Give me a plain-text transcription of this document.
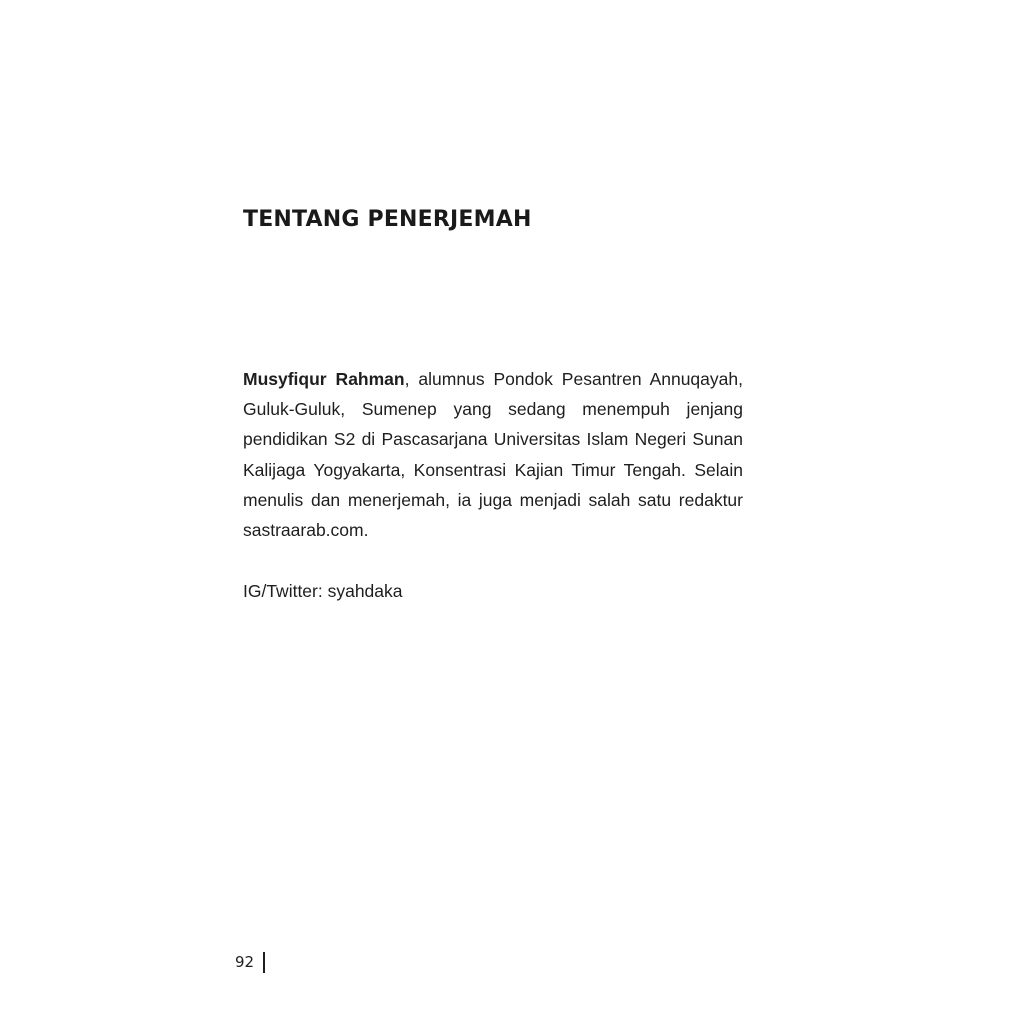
TENTANG PENERJEMAH

Musyfiqur Rahman, alumnus Pondok Pesantren Annuqayah, Guluk-Guluk, Sumenep yang sedang menempuh jenjang pendidikan S2 di Pascasarjana Universitas Islam Negeri Sunan Kalijaga Yogyakarta, Konsentrasi Kajian Timur Tengah. Selain menulis dan menerjemah, ia juga menjadi salah satu redaktur sastraarab.com.

IG/Twitter: syahdaka

92
